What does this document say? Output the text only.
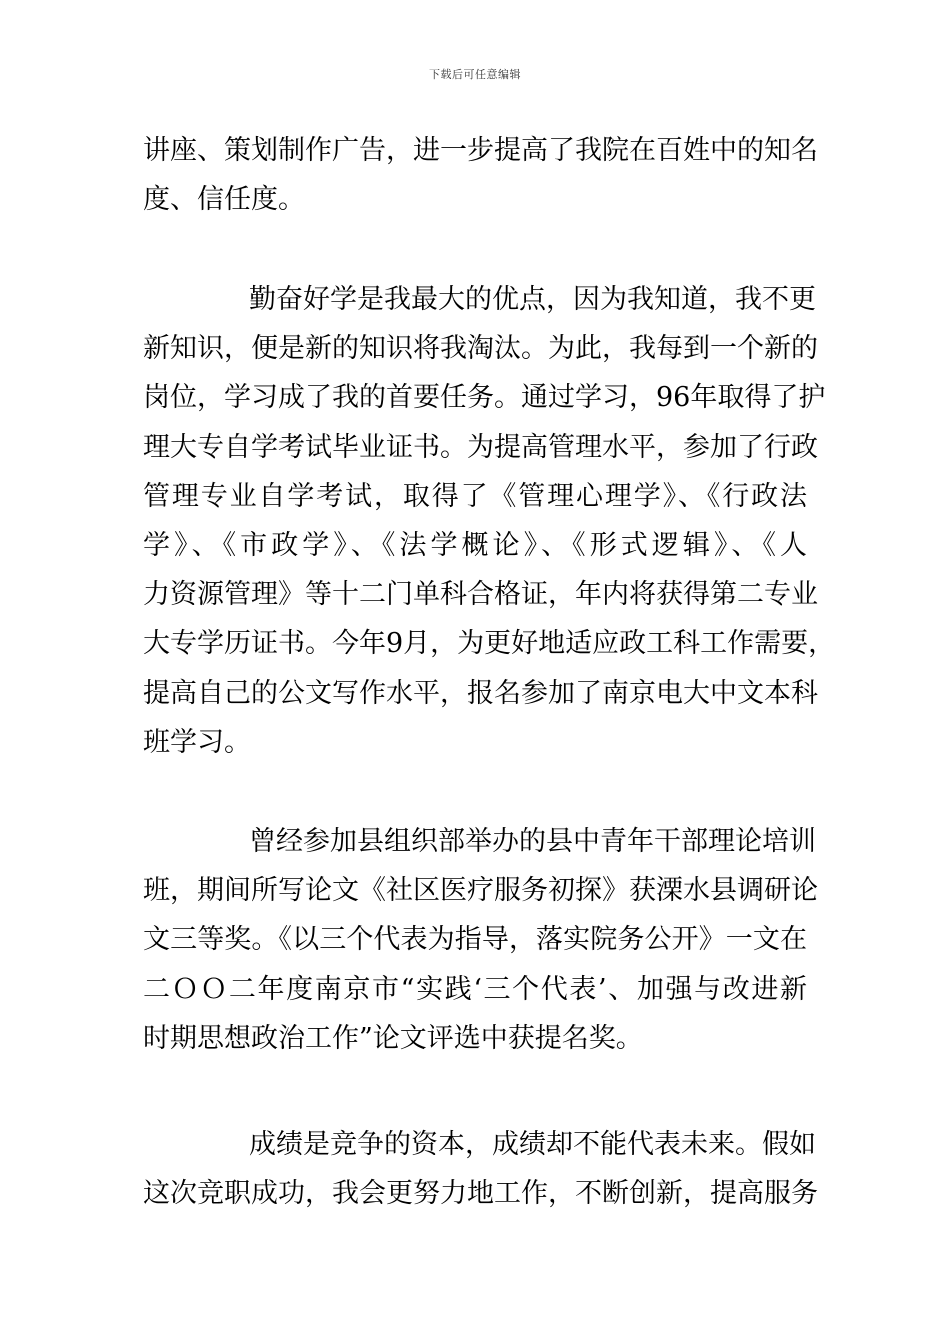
下载后可任意编辑
讲座、策划制作广告，进一步提高了我院在百姓中的知名
度、信任度。
勤奋好学是我最大的优点，因为我知道，我不更
新知识，便是新的知识将我淘汰。为此，我每到一个新的
岗位，学习成了我的首要任务。通过学习，96年取得了护
理大专自学考试毕业证书。为提高管理水平，参加了行政
管理专业自学考试，取得了《管理心理学》、《行政法
学》、《市政学》、《法学概论》、《形式逻辑》、《人
力资源管理》等十二门单科合格证，年内将获得第二专业
大专学历证书。今年9月，为更好地适应政工科工作需要，
提高自己的公文写作水平，报名参加了南京电大中文本科
班学习。
曾经参加县组织部举办的县中青年干部理论培训
班，期间所写论文《社区医疗服务初探》获溧水县调研论
文三等奖。《以三个代表为指导，落实院务公开》一文在
二ＯＯ二年度南京市“实践‘三个代表’、加强与改进新
时期思想政治工作”论文评选中获提名奖。
成绩是竞争的资本，成绩却不能代表未来。假如
这次竞职成功，我会更努力地工作，不断创新，提高服务
